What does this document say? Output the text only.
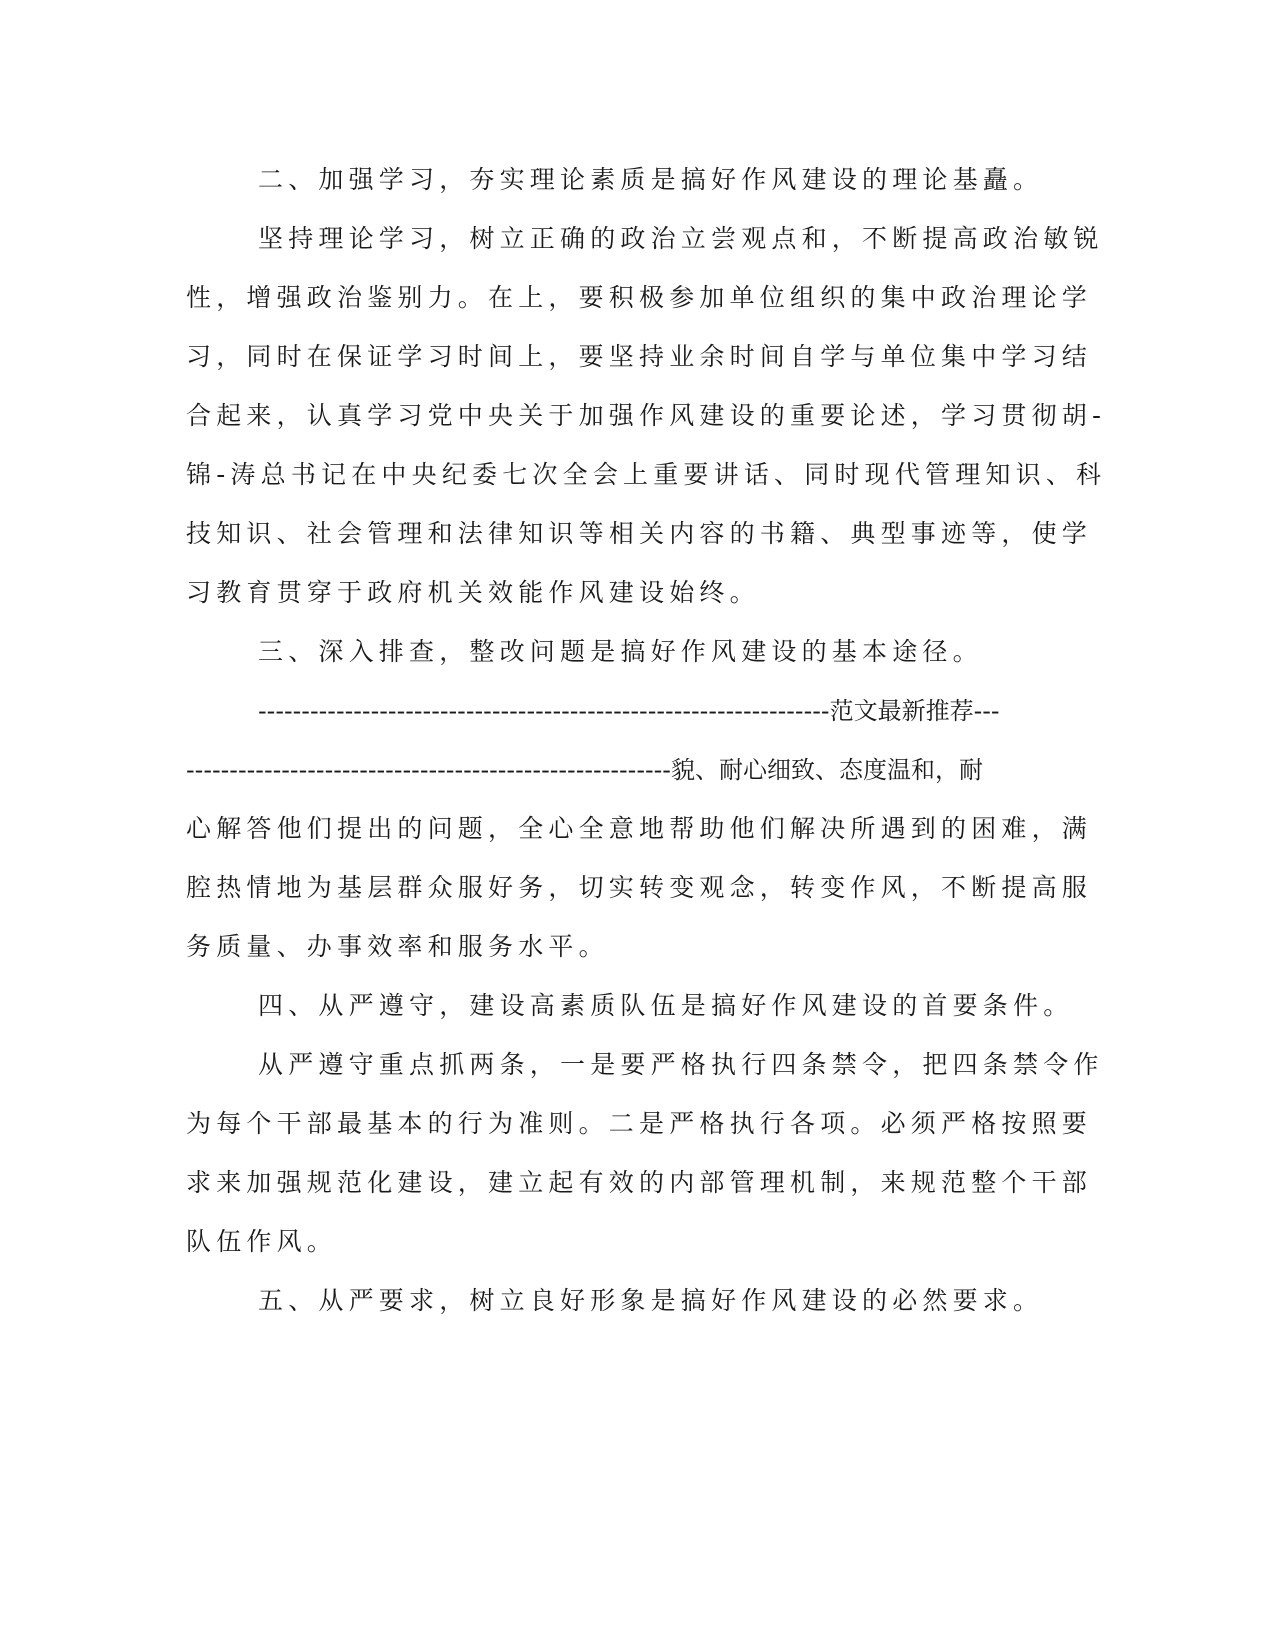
二、加强学习，夯实理论素质是搞好作风建设的理论基矗。
坚持理论学习，树立正确的政治立尝观点和，不断提高政治敏锐
性，增强政治鉴别力。在上，要积极参加单位组织的集中政治理论学
习，同时在保证学习时间上，要坚持业余时间自学与单位集中学习结
合起来，认真学习党中央关于加强作风建设的重要论述，学习贯彻胡-
锦-涛总书记在中央纪委七次全会上重要讲话、同时现代管理知识、科
技知识、社会管理和法律知识等相关内容的书籍、典型事迹等，使学
习教育贯穿于政府机关效能作风建设始终。
三、深入排查，整改问题是搞好作风建设的基本途径。
------------------------------------------------------------------范文最新推荐---
--------------------------------------------------------貌、耐心细致、态度温和，耐
心解答他们提出的问题，全心全意地帮助他们解决所遇到的困难，满
腔热情地为基层群众服好务，切实转变观念，转变作风，不断提高服
务质量、办事效率和服务水平。
四、从严遵守，建设高素质队伍是搞好作风建设的首要条件。
从严遵守重点抓两条，一是要严格执行四条禁令，把四条禁令作
为每个干部最基本的行为准则。二是严格执行各项。必须严格按照要
求来加强规范化建设，建立起有效的内部管理机制，来规范整个干部
队伍作风。
五、从严要求，树立良好形象是搞好作风建设的必然要求。
